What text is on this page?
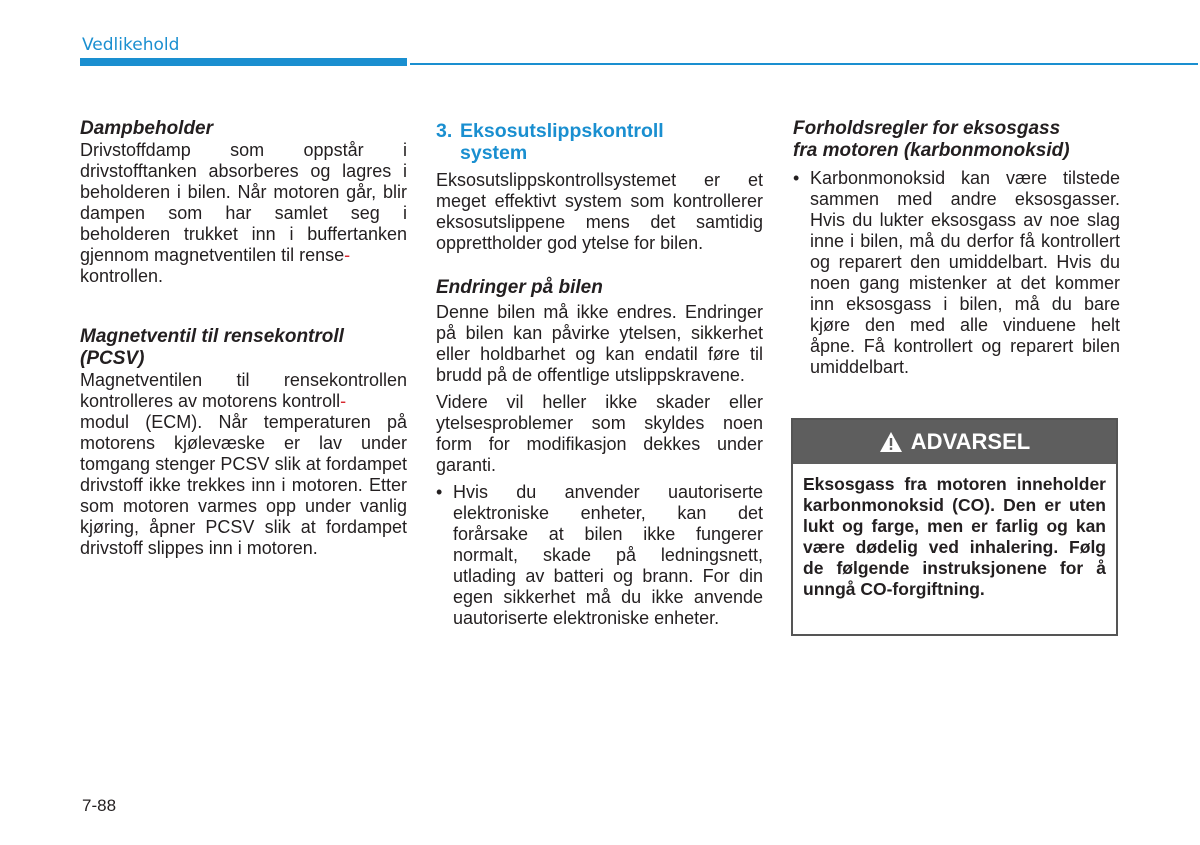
Vedlikehold
Dampbeholder

Drivstoffdamp som oppstår i drivstofftanken absorberes og lagres i beholderen i bilen. Når motoren går, blir dampen som har samlet seg i beholderen trukket inn i buffertanken gjennom magnetventilen til rense-
kontrollen.

Magnetventil til rensekontroll
(PCSV)

Magnetventilen til rensekontrollen kontrolleres av motorens kontroll-
modul (ECM). Når temperaturen på motorens kjølevæske er lav under tomgang stenger PCSV slik at fordampet drivstoff ikke trekkes inn i motoren. Etter som motoren varmes opp under vanlig kjøring, åpner PCSV slik at fordampet drivstoff slippes inn i motoren.

3. Eksosutslippskontroll
system

Eksosutslippskontrollsystemet er et meget effektivt system som kontrollerer eksosutslippene mens det samtidig opprettholder god ytelse for bilen.

Endringer på bilen

Denne bilen må ikke endres. Endringer på bilen kan påvirke ytelsen, sikkerhet eller holdbarhet og kan endatil føre til brudd på de offentlige utslippskravene.

Videre vil heller ikke skader eller ytelsesproblemer som skyldes noen form for modifikasjon dekkes under garanti.

• Hvis du anvender uautoriserte elektroniske enheter, kan det forårsake at bilen ikke fungerer normalt, skade på ledningsnett, utlading av batteri og brann. For din egen sikkerhet må du ikke anvende uautoriserte elektroniske enheter.
Forholdsregler for eksosgass
fra motoren (karbonmonoksid)
• Karbonmonoksid kan være tilstede sammen med andre eksosgasser. Hvis du lukter eksosgass av noe slag inne i bilen, må du derfor få kontrollert og reparert den umiddelbart. Hvis du noen gang mistenker at det kommer inn eksosgass i bilen, må du bare kjøre den med alle vinduene helt åpne. Få kontrollert og reparert bilen umiddelbart.
ADVARSEL
Eksosgass fra motoren inneholder karbonmonoksid (CO). Den er uten lukt og farge, men er farlig og kan være dødelig ved inhalering. Følg de følgende instruksjonene for å unngå CO-forgiftning.
7-88
